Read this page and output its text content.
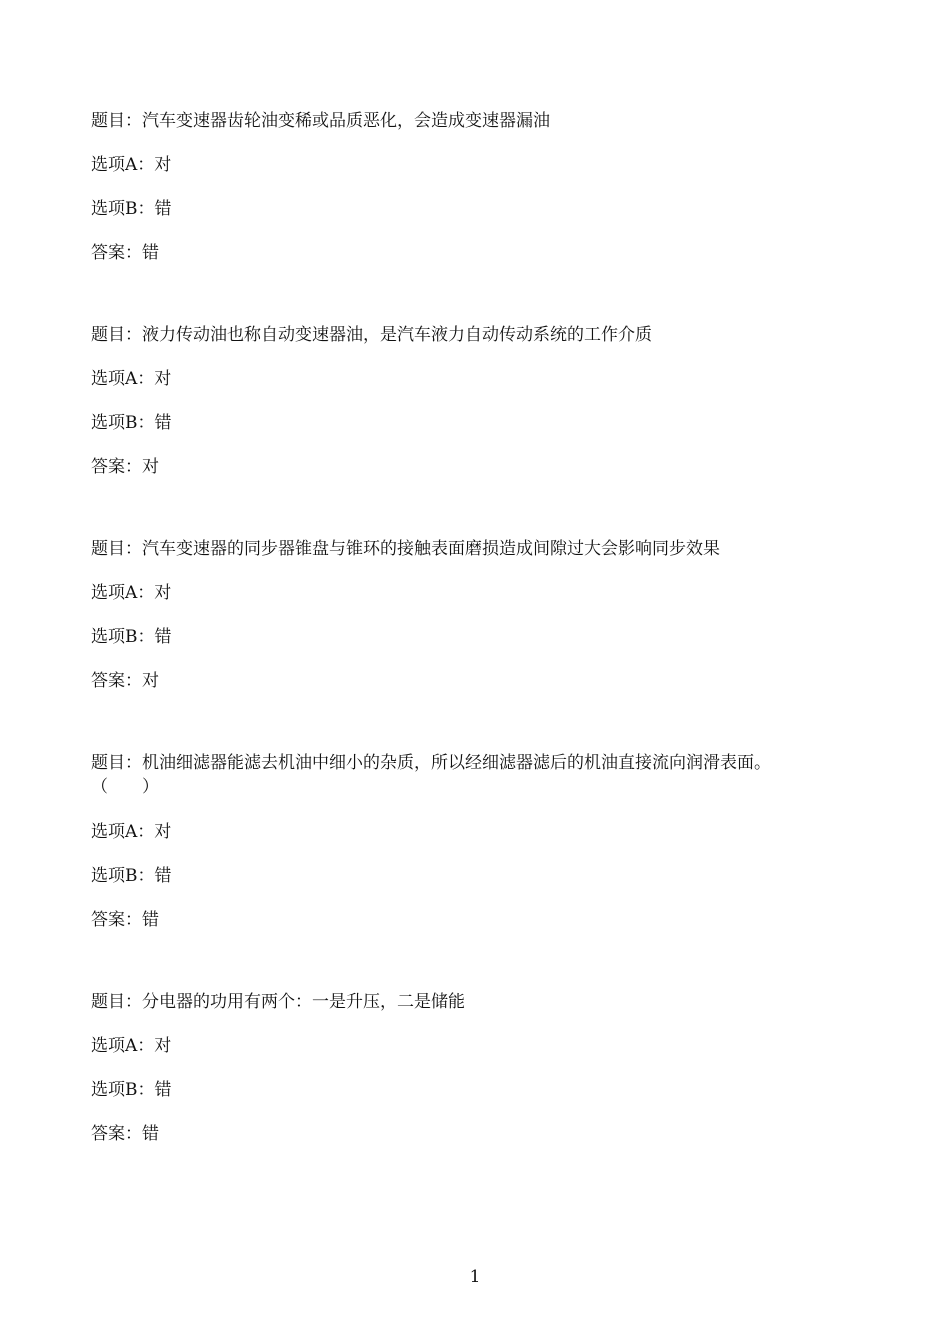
题目：汽车变速器齿轮油变稀或品质恶化，会造成变速器漏油
选项A：对
选项B：错
答案：错
题目：液力传动油也称自动变速器油，是汽车液力自动传动系统的工作介质
选项A：对
选项B：错
答案：对
题目：汽车变速器的同步器锥盘与锥环的接触表面磨损造成间隙过大会影响同步效果
选项A：对
选项B：错
答案：对
题目：机油细滤器能滤去机油中细小的杂质，所以经细滤器滤后的机油直接流向润滑表面。
（　　）
选项A：对
选项B：错
答案：错
题目：分电器的功用有两个：一是升压，二是储能
选项A：对
选项B：错
答案：错
1
